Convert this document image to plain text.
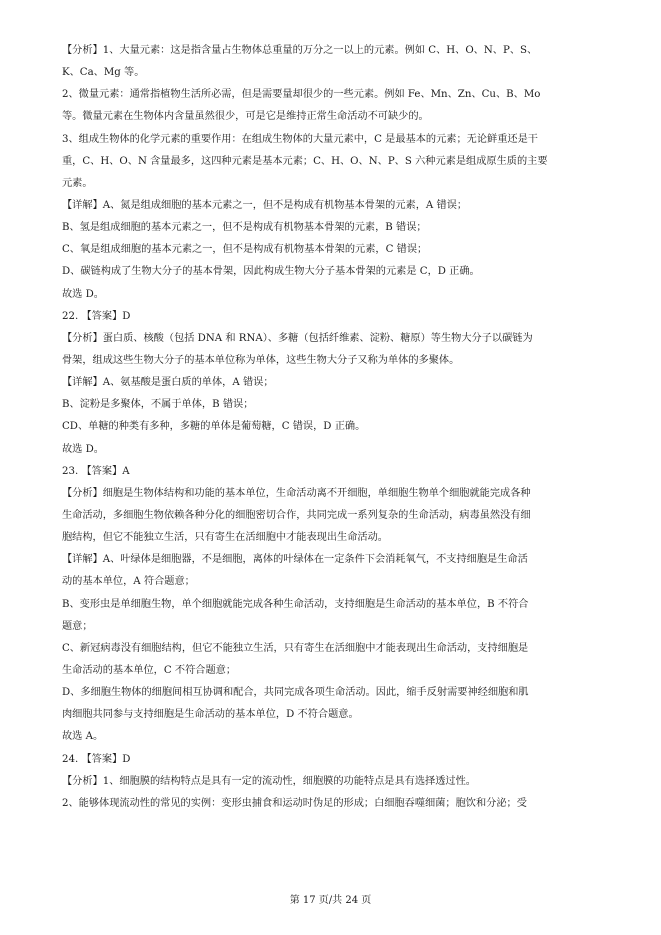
【分析】1、大量元素：这是指含量占生物体总重量的万分之一以上的元素。例如 C、H、O、N、P、S、
K、Ca、Mg 等。
2、微量元素：通常指植物生活所必需，但是需要量却很少的一些元素。例如 Fe、Mn、Zn、Cu、B、Mo
等。微量元素在生物体内含量虽然很少，可是它是维持正常生命活动不可缺少的。
3、组成生物体的化学元素的重要作用：在组成生物体的大量元素中，C 是最基本的元素；无论鲜重还是干
重，C、H、O、N 含量最多，这四种元素是基本元素；C、H、O、N、P、S 六种元素是组成原生质的主要
元素。
【详解】A、氮是组成细胞的基本元素之一，但不是构成有机物基本骨架的元素，A 错误；
B、氢是组成细胞的基本元素之一，但不是构成有机物基本骨架的元素，B 错误；
C、氧是组成细胞的基本元素之一，但不是构成有机物基本骨架的元素，C 错误；
D、碳链构成了生物大分子的基本骨架，因此构成生物大分子基本骨架的元素是 C，D 正确。
故选 D。
22. 【答案】D
【分析】蛋白质、核酸（包括 DNA 和 RNA）、多糖（包括纤维素、淀粉、糖原）等生物大分子以碳链为
骨架，组成这些生物大分子的基本单位称为单体，这些生物大分子又称为单体的多聚体。
【详解】A、氨基酸是蛋白质的单体，A 错误；
B、淀粉是多聚体，不属于单体，B 错误；
CD、单糖的种类有多种，多糖的单体是葡萄糖，C 错误，D 正确。
故选 D。
23. 【答案】A
【分析】细胞是生物体结构和功能的基本单位，生命活动离不开细胞，单细胞生物单个细胞就能完成各种
生命活动，多细胞生物依赖各种分化的细胞密切合作，共同完成一系列复杂的生命活动，病毒虽然没有细
胞结构，但它不能独立生活，只有寄生在活细胞中才能表现出生命活动。
【详解】A、叶绿体是细胞器，不是细胞，离体的叶绿体在一定条件下会消耗氧气，不支持细胞是生命活
动的基本单位，A 符合题意；
B、变形虫是单细胞生物，单个细胞就能完成各种生命活动，支持细胞是生命活动的基本单位，B 不符合
题意；
C、新冠病毒没有细胞结构，但它不能独立生活，只有寄生在活细胞中才能表现出生命活动，支持细胞是
生命活动的基本单位，C 不符合题意；
D、多细胞生物体的细胞间相互协调和配合，共同完成各项生命活动。因此，缩手反射需要神经细胞和肌
肉细胞共同参与支持细胞是生命活动的基本单位，D 不符合题意。
故选 A。
24. 【答案】D
【分析】1、细胞膜的结构特点是具有一定的流动性，细胞膜的功能特点是具有选择透过性。
2、能够体现流动性的常见的实例：变形虫捕食和运动时伪足的形成；白细胞吞噬细菌；胞饮和分泌；受
第 17 页/共 24 页
